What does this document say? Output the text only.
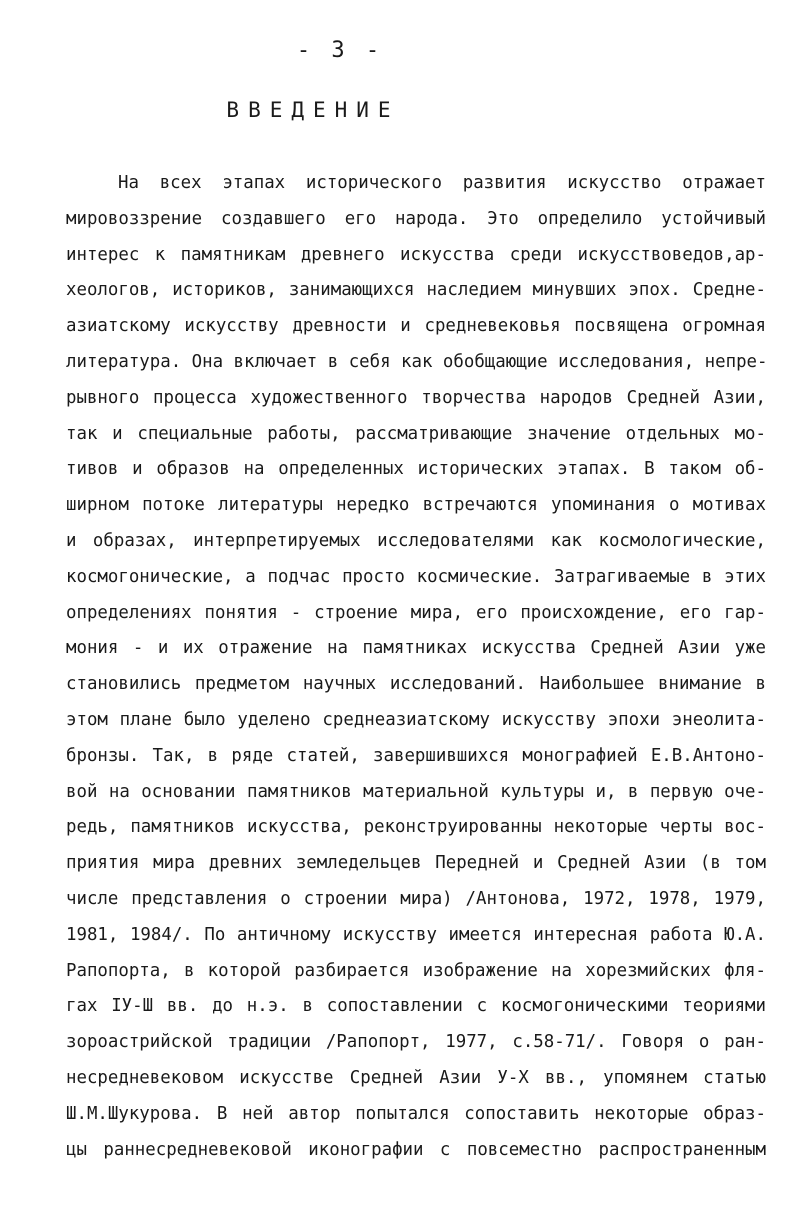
- 3 -
ВВЕДЕНИЕ
На всех этапах исторического развития искусство отражает
мировоззрение создавшего его народа. Это определило устойчивый
интерес к памятникам древнего искусства среди искусствоведов,ар-
хеологов, историков, занимающихся наследием минувших эпох. Средне-
азиатскому искусству древности и средневековья посвящена огромная
литература. Она включает в себя как обобщающие исследования, непре-
рывного процесса художественного творчества народов Средней Азии,
так и специальные работы, рассматривающие значение отдельных мо-
тивов и образов на определенных исторических этапах. В таком об-
ширном потоке литературы нередко встречаются упоминания о мотивах
и образах, интерпретируемых исследователями как космологические,
космогонические, а подчас просто космические. Затрагиваемые в этих
определениях понятия - строение мира, его происхождение, его гар-
мония - и их отражение на памятниках искусства Средней Азии уже
становились предметом научных исследований. Наибольшее внимание в
этом плане было уделено среднеазиатскому искусству эпохи энеолита-
бронзы. Так, в ряде статей, завершившихся монографией Е.В.Антоно-
вой на основании памятников материальной культуры и, в первую оче-
редь, памятников искусства, реконструированны некоторые черты вос-
приятия мира древних земледельцев Передней и Средней Азии (в том
числе представления о строении мира) /Антонова, 1972, 1978, 1979,
1981, 1984/. По античному искусству имеется интересная работа Ю.А.
Рапопорта, в которой разбирается изображение на хорезмийских фля-
гах IУ-Ш вв. до н.э. в сопоставлении с космогоническими теориями
зороастрийской традиции /Рапопорт, 1977, с.58-71/. Говоря о ран-
несредневековом искусстве Средней Азии У-Х вв., упомянем статью
Ш.М.Шукурова. В ней автор попытался сопоставить некоторые образ-
цы раннесредневековой иконографии с повсеместно распространенным
